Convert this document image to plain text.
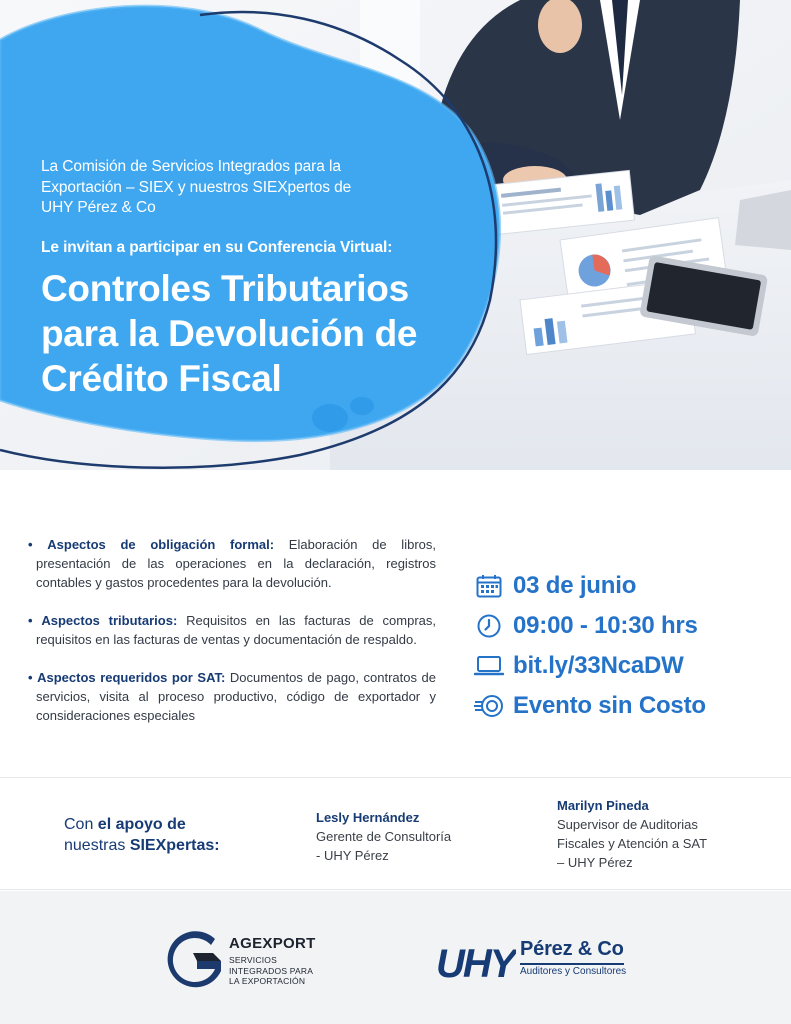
La Comisión de Servicios Integrados para la
Exportación – SIEX y nuestros SIEXpertos de
UHY Pérez & Co
Le invitan a participar en su Conferencia Virtual:
Controles Tributarios
para la Devolución de
Crédito Fiscal

• Aspectos de obligación formal: Elaboración de libros, presentación de las operaciones en la declaración, registros contables y gastos procedentes para la devolución.

• Aspectos tributarios: Requisitos en las facturas de compras, requisitos en las facturas de ventas y documentación de respaldo.

• Aspectos requeridos por SAT: Documentos de pago, contratos de servicios, visita al proceso productivo, código de exportador y consideraciones especiales

03 de junio
09:00 - 10:30 hrs
bit.ly/33NcaDW
Evento sin Costo
Con el apoyo de
nuestras SIEXpertas:
Lesly Hernández
Gerente de Consultoría
- UHY Pérez
Marilyn Pineda
Supervisor de Auditorias
Fiscales y Atención a SAT
– UHY Pérez
AGEXPORT
SERVICIOS
INTEGRADOS PARA
LA EXPORTACIÓN	UHY Pérez & Co
Auditores y Consultores
